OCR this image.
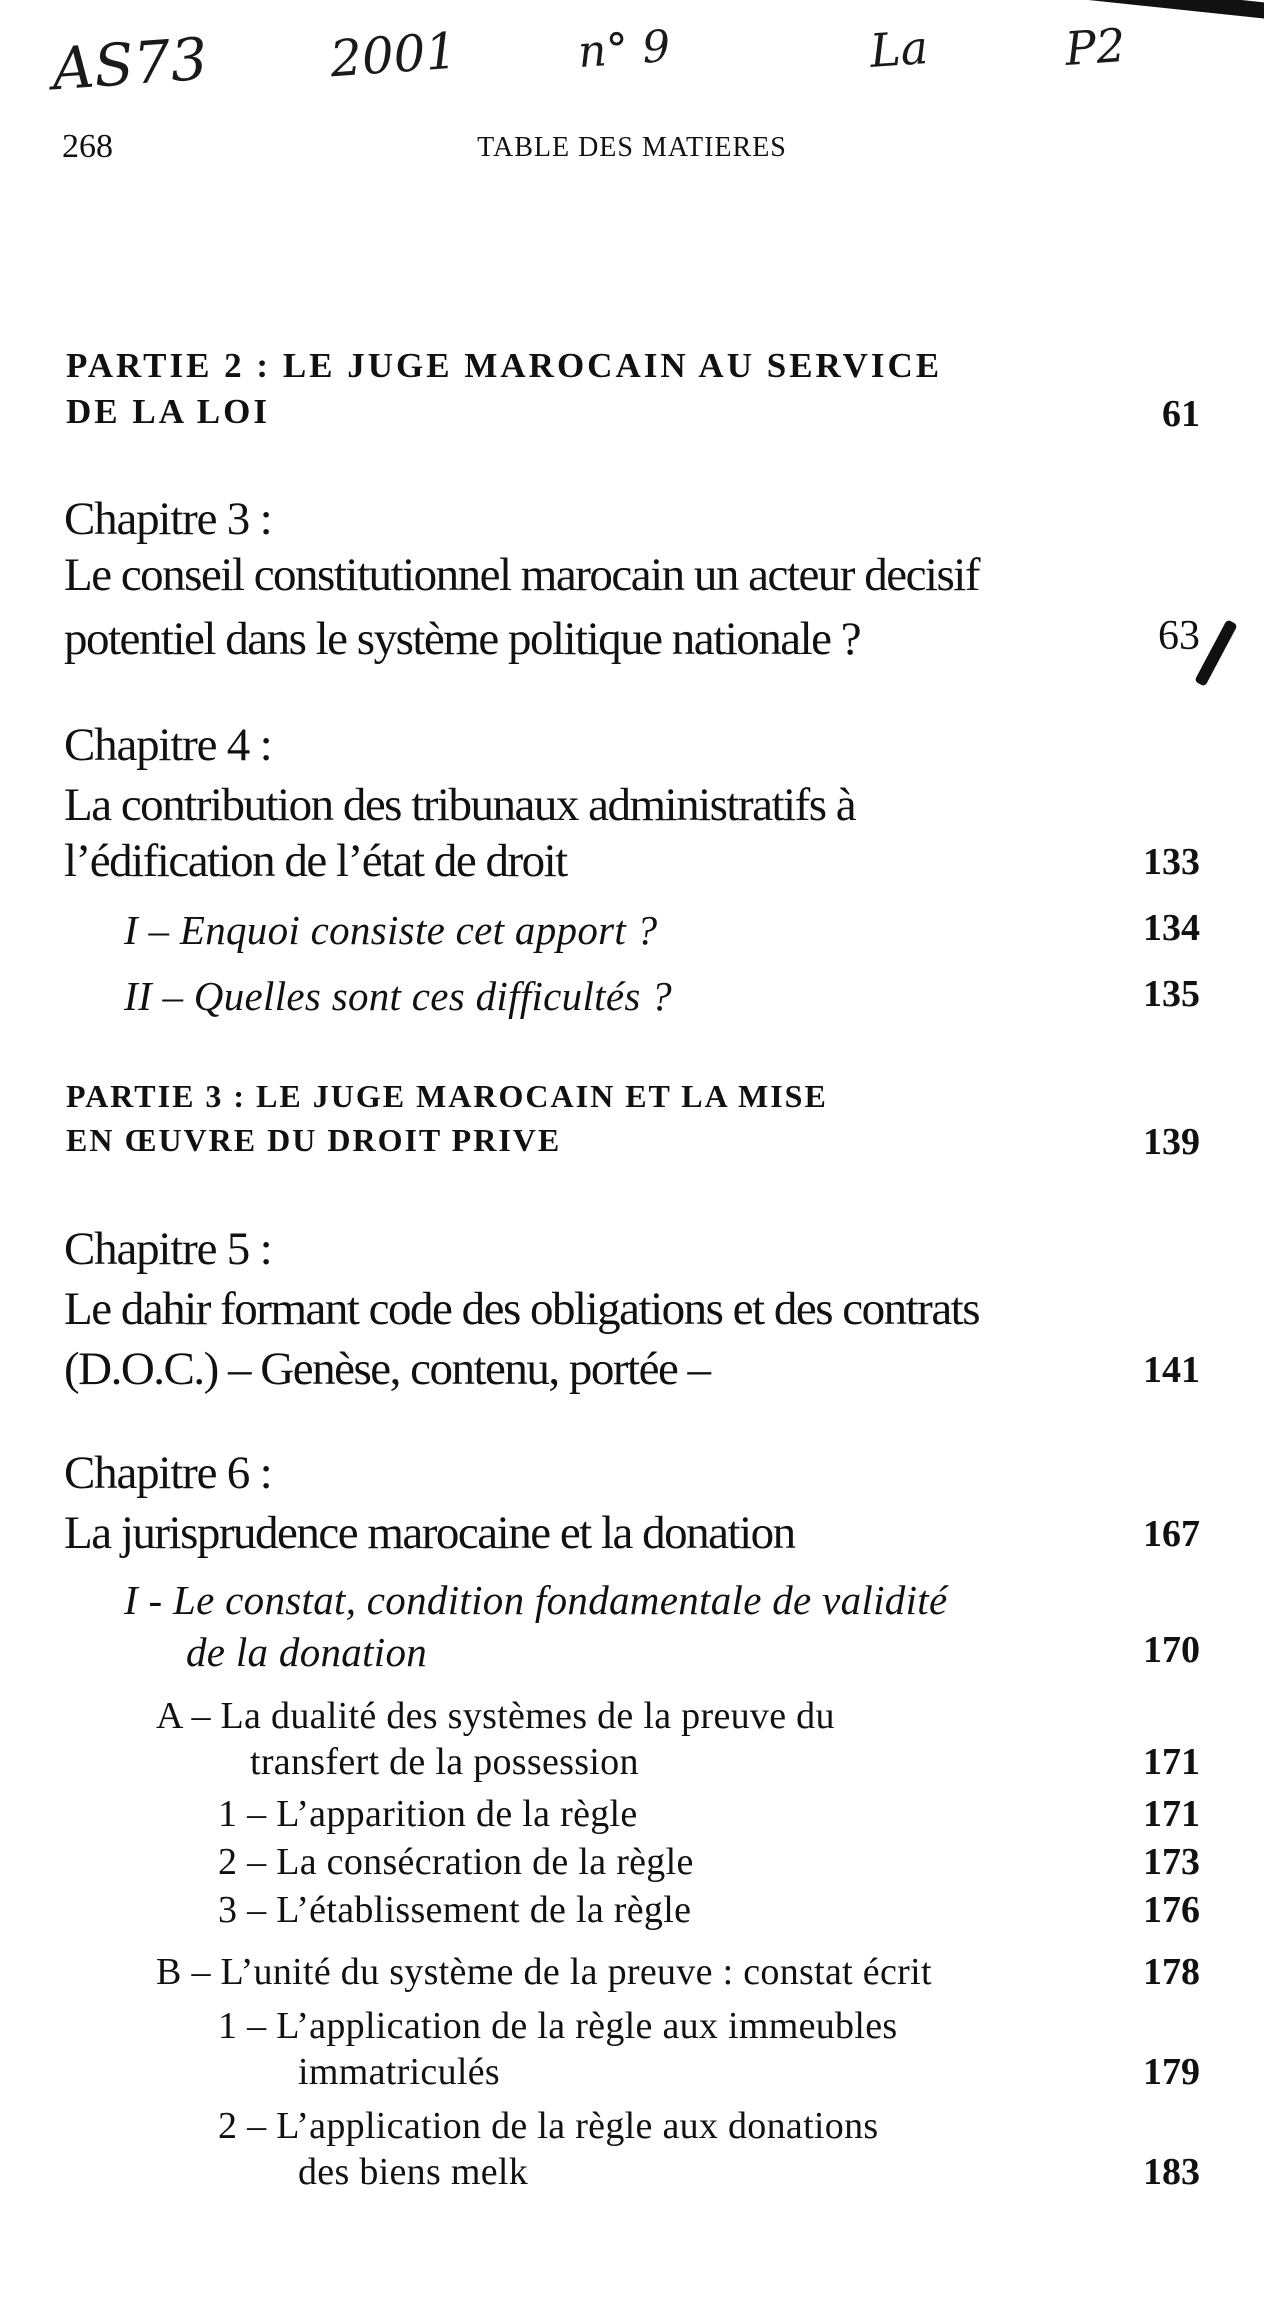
AS73 2001	n° 9	La	P2
268	TABLE DES MATIERES
PARTIE 2 : LE JUGE MAROCAIN AU SERVICE
DE LA LOI	61
Chapitre 3 :
Le conseil constitutionnel marocain un acteur decisif
potentiel dans le système politique nationale ?	63
Chapitre 4 :
La contribution des tribunaux administratifs à
l’édification de l’état de droit	133
I – Enquoi consiste cet apport ?	134
II – Quelles sont ces difficultés ?	135
PARTIE 3 : LE JUGE MAROCAIN ET LA MISE
EN ŒUVRE DU DROIT PRIVE	139
Chapitre 5 :
Le dahir formant code des obligations et des contrats
(D.O.C.) – Genèse, contenu, portée –	141
Chapitre 6 :
La jurisprudence marocaine et la donation	167
I - Le constat, condition fondamentale de validité
de la donation	170
A – La dualité des systèmes de la preuve du
transfert de la possession	171
1 – L’apparition de la règle	171
2 – La consécration de la règle	173
3 – L’établissement de la règle	176
B – L’unité du système de la preuve : constat écrit	178
1 – L’application de la règle aux immeubles
immatriculés	179
2 – L’application de la règle aux donations
des biens melk	183
